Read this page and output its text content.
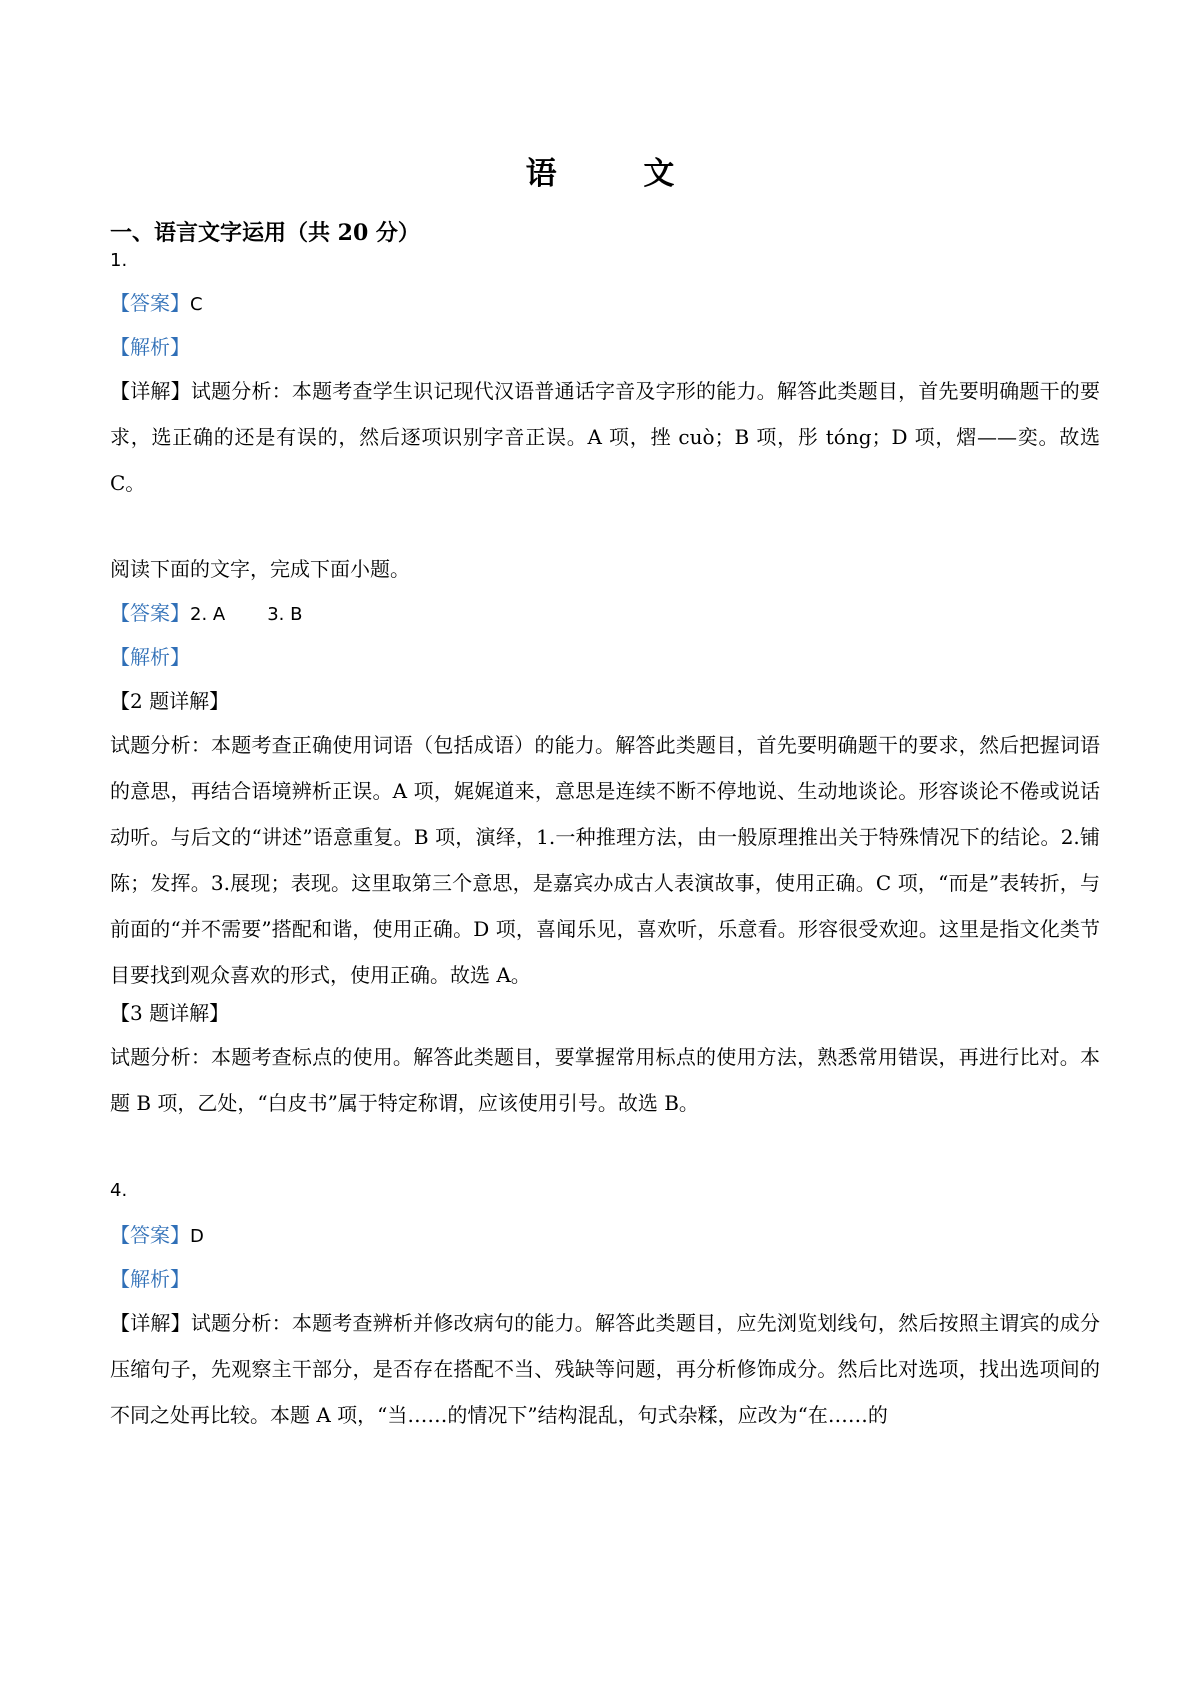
语 文
一、语言文字运用（共 20 分）

1.

【答案】C

【解析】

【详解】试题分析：本题考查学生识记现代汉语普通话字音及字形的能力。解答此类题目，首先要明确题干的要求，选正确的还是有误的，然后逐项识别字音正误。A 项，挫 cuò；B 项，彤 tóng；D 项，熠——奕。故选 C。

阅读下面的文字，完成下面小题。

【答案】2. A 3. B

【解析】

【2 题详解】

试题分析：本题考查正确使用词语（包括成语）的能力。解答此类题目，首先要明确题干的要求，然后把握词语的意思，再结合语境辨析正误。A 项，娓娓道来，意思是连续不断不停地说、生动地谈论。形容谈论不倦或说话动听。与后文的“讲述”语意重复。B 项，演绎，1.一种推理方法，由一般原理推出关于特殊情况下的结论。2.铺陈；发挥。3.展现；表现。这里取第三个意思，是嘉宾办成古人表演故事，使用正确。C 项，“而是”表转折，与前面的“并不需要”搭配和谐，使用正确。D 项，喜闻乐见，喜欢听，乐意看。形容很受欢迎。这里是指文化类节目要找到观众喜欢的形式，使用正确。故选 A。

【3 题详解】

试题分析：本题考查标点的使用。解答此类题目，要掌握常用标点的使用方法，熟悉常用错误，再进行比对。本题 B 项，乙处，“白皮书”属于特定称谓，应该使用引号。故选 B。

4.

【答案】D

【解析】

【详解】试题分析：本题考查辨析并修改病句的能力。解答此类题目，应先浏览划线句，然后按照主谓宾的成分压缩句子，先观察主干部分，是否存在搭配不当、残缺等问题，再分析修饰成分。然后比对选项，找出选项间的不同之处再比较。本题 A 项，“当……的情况下”结构混乱，句式杂糅，应改为“在……的
